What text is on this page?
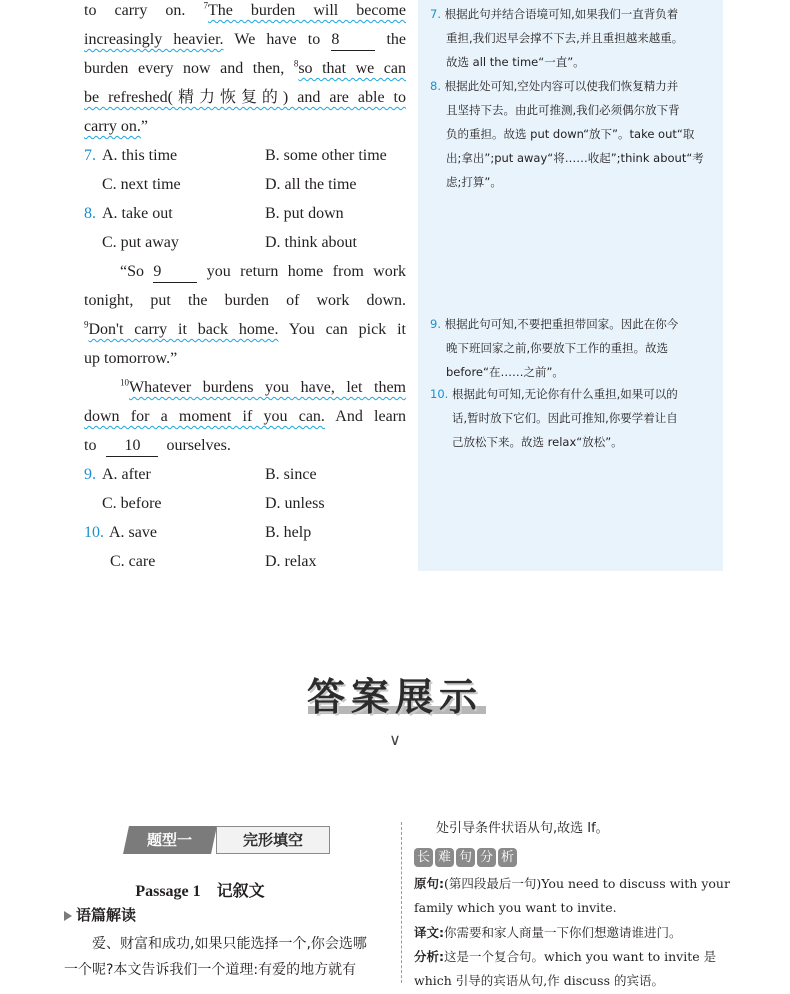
to carry on. $^7$The burden will become
increasingly heavier. We have to 8	the
burden every now and then, $^8$so that we can
be refreshed(精力恢复的) and are able to
carry on.”
7. A. this time	B. some other time
C. next time	D. all the time
8. A. take out	B. put down
C. put away	D. think about
“So 9	you return home from work
tonight, put the burden of work down.
$^9$Don't carry it back home. You can pick it
up tomorrow.”
$^{10}$Whatever burdens you have, let them
down for a moment if you can. And learn
to 10 ourselves.
9. A. after	B. since
C. before	D. unless
10. A. save	B. help
C. care	D. relax
7. 根据此句并结合语境可知,如果我们一直背负着
重担,我们迟早会撑不下去,并且重担越来越重。
故选 all the time“一直”。
8. 根据此处可知,空处内容可以使我们恢复精力并
且坚持下去。由此可推测,我们必须偶尔放下背
负的重担。故选 put down“放下”。take out“取
出;拿出”;put away“将……收起”;think about“考
虑;打算”。
9. 根据此句可知,不要把重担带回家。因此在你今
晚下班回家之前,你要放下工作的重担。故选
before“在……之前”。
10. 根据此句可知,无论你有什么重担,如果可以的
话,暂时放下它们。因此可推知,你要学着让自
己放松下来。故选 relax“放松”。
答案展示
∨
题型一	完形填空
Passage 1　记叙文
语篇解读
爱、财富和成功,如果只能选择一个,你会选哪
一个呢?本文告诉我们一个道理:有爱的地方就有
处引导条件状语从句,故选 If。
长 难 句 分 析
原句:(第四段最后一句)You need to discuss with your
family which you want to invite.
译文:你需要和家人商量一下你们想邀请谁进门。
分析:这是一个复合句。which you want to invite 是
which 引导的宾语从句,作 discuss 的宾语。
